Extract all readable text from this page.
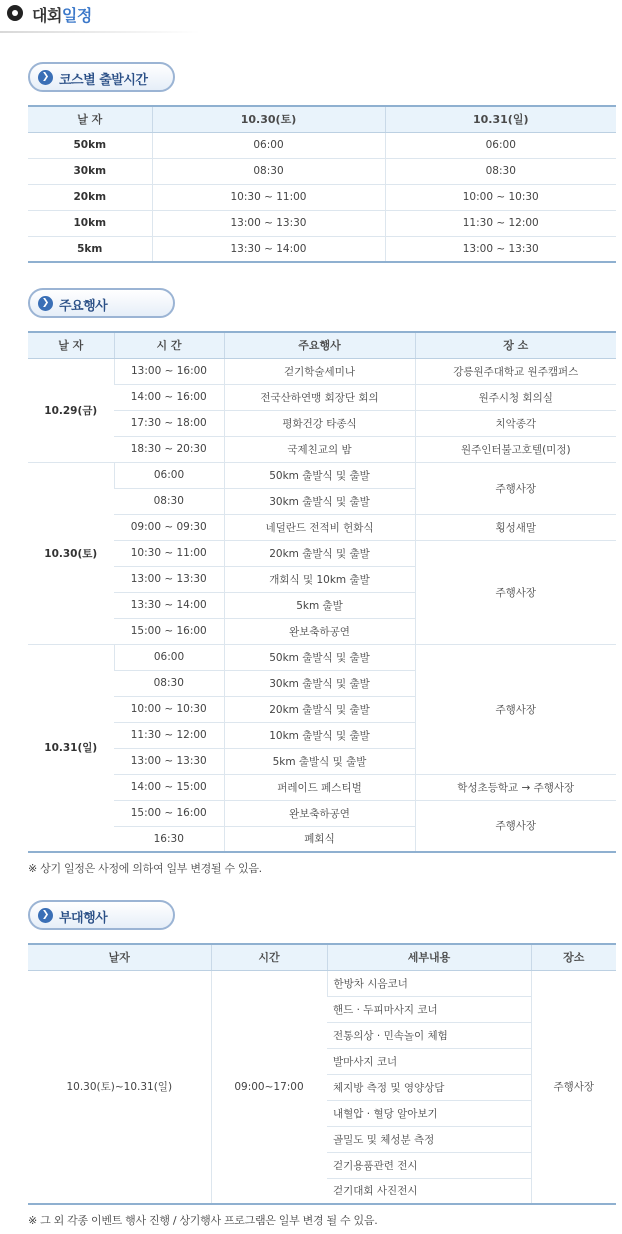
대회일정
❯ 코스별 출발시간
날 자	10.30(토)	10.31(일)
50km	06:00	06:00
30km	08:30	08:30
20km	10:30 ~ 11:00	10:00 ~ 10:30
10km	13:00 ~ 13:30	11:30 ~ 12:00
5km	13:30 ~ 14:00	13:00 ~ 13:30
❯ 주요행사
날 자	시 간	주요행사	장 소
10.29(금)	13:00 ~ 16:00	걷기학술세미나	강릉원주대학교 원주캠퍼스
	14:00 ~ 16:00	전국산하연맹 회장단 회의	원주시청 회의실
	17:30 ~ 18:00	평화건강 타종식	치악종각
	18:30 ~ 20:30	국제친교의 밤	원주인터불고호텔(미정)
10.30(토)	06:00	50km 출발식 및 출발	주행사장
	08:30	30km 출발식 및 출발	
	09:00 ~ 09:30	네덜란드 전적비 헌화식	횡성새말
	10:30 ~ 11:00	20km 출발식 및 출발	주행사장
	13:00 ~ 13:30	개회식 및 10km 출발	
	13:30 ~ 14:00	5km 출발	
	15:00 ~ 16:00	완보축하공연	
10.31(일)	06:00	50km 출발식 및 출발	주행사장
	08:30	30km 출발식 및 출발	
	10:00 ~ 10:30	20km 출발식 및 출발	
	11:30 ~ 12:00	10km 출발식 및 출발	
	13:00 ~ 13:30	5km 출발식 및 출발	
	14:00 ~ 15:00	퍼레이드 페스티벌	학성초등학교 → 주행사장
	15:00 ~ 16:00	완보축하공연	주행사장
	16:30	폐회식	
※ 상기 일정은 사정에 의하여 일부 변경될 수 있음.
❯ 부대행사
날자	시간	세부내용	장소
10.30(토)~10.31(일)	09:00~17:00	한방차 시음코너	주행사장
		핸드 · 두피마사지 코너	
		전통의상 · 민속놀이 체험	
		발마사지 코너	
		체지방 측정 및 영양상담	
		내혈압 · 혈당 알아보기	
		골밀도 및 체성분 측정	
		걷기용품관련 전시	
		걷기대회 사진전시	
※ 그 외 각종 이벤트 행사 진행 / 상기행사 프로그램은 일부 변경 될 수 있음.
